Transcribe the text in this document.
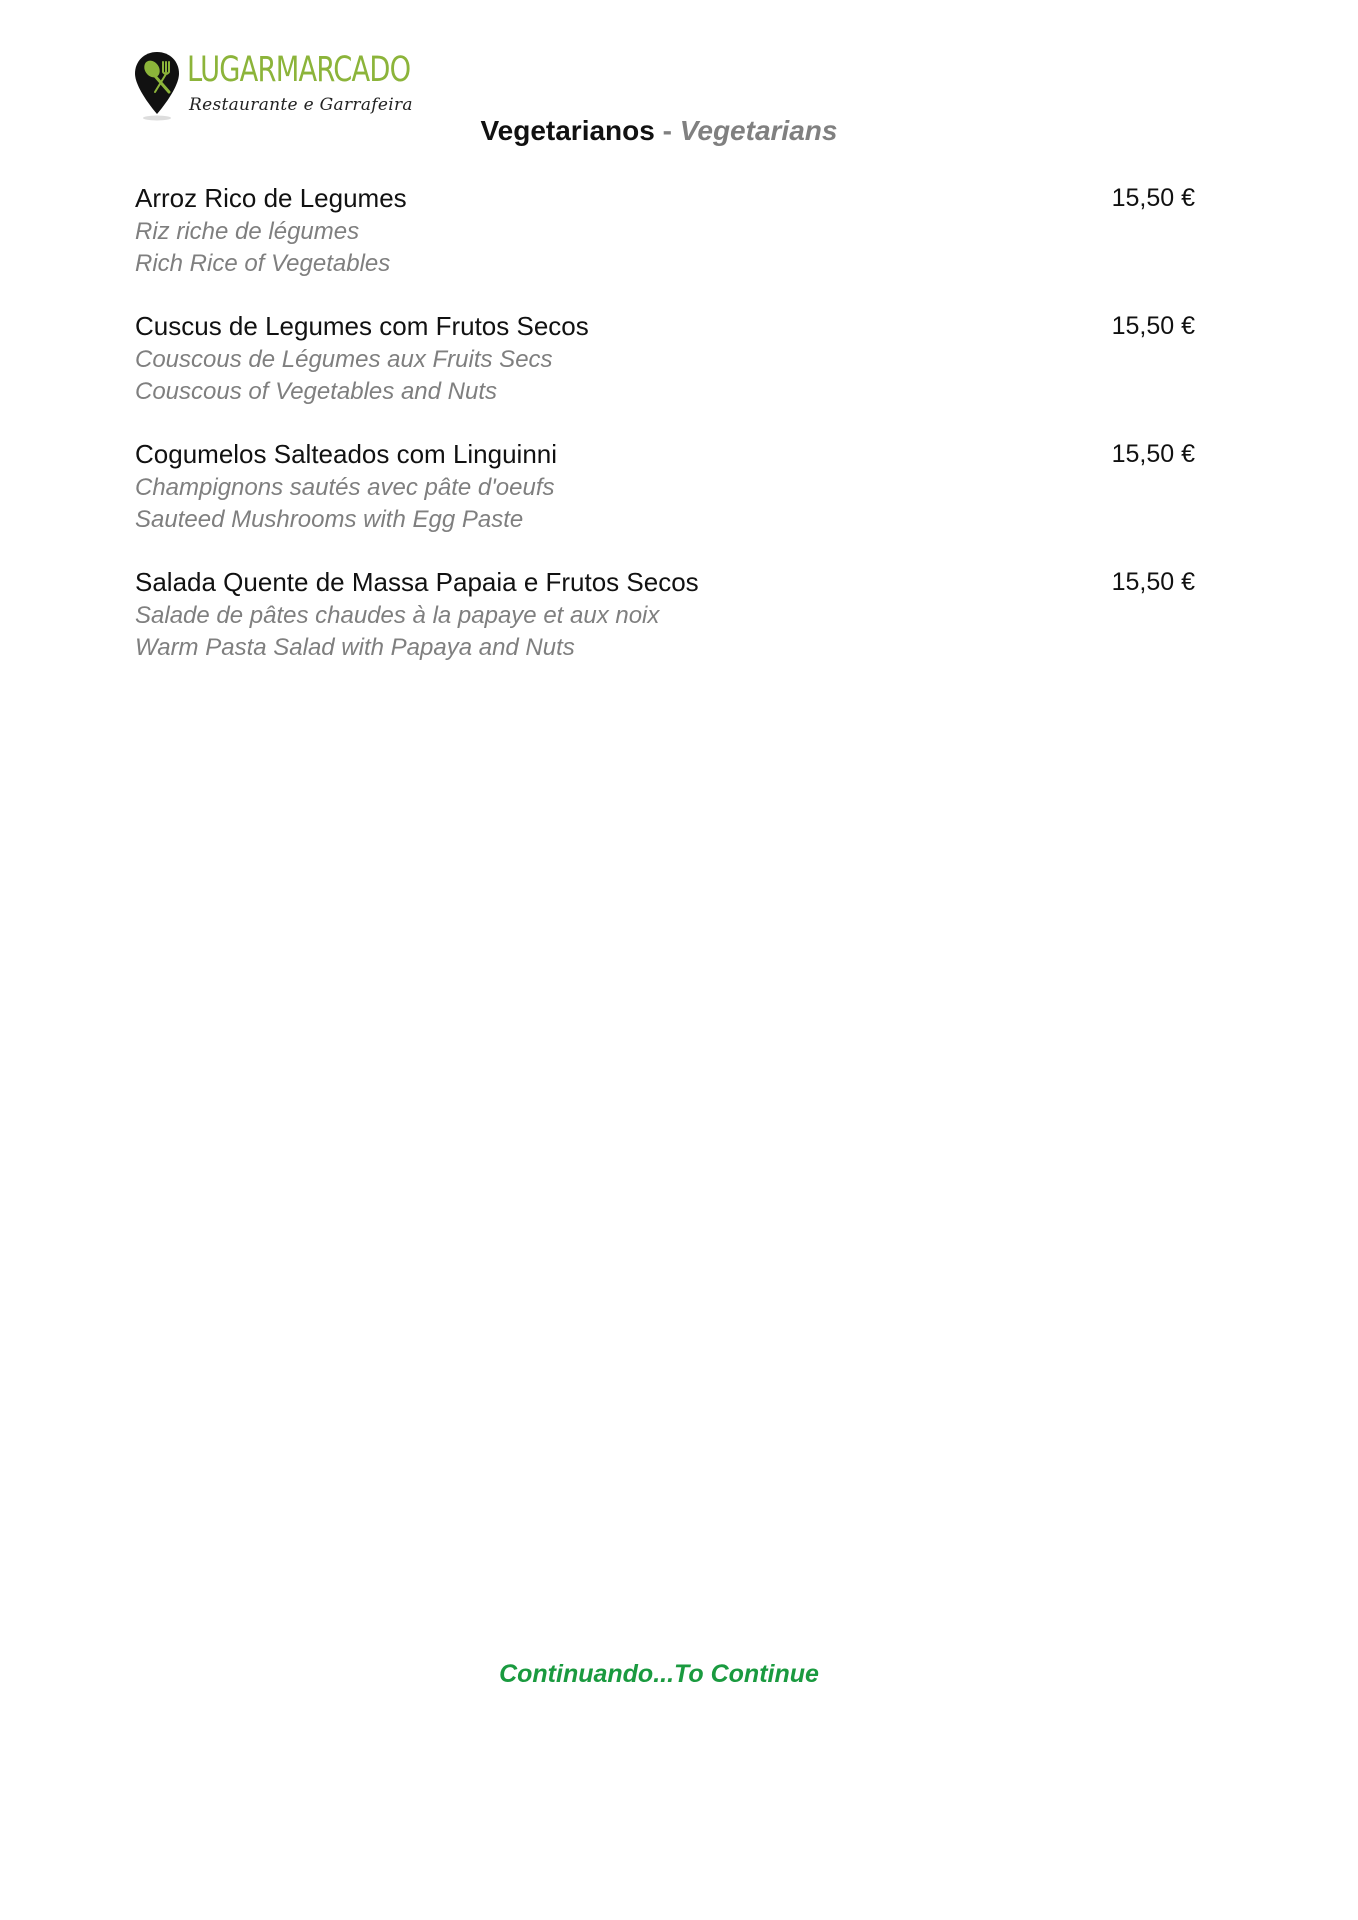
LUGARMARCADO
Restaurante e Garrafeira
Vegetarianos - Vegetarians
Arroz Rico de Legumes	15,50 €
Riz riche de légumes
Rich Rice of Vegetables
Cuscus de Legumes com Frutos Secos	15,50 €
Couscous de Légumes aux Fruits Secs
Couscous of Vegetables and Nuts
Cogumelos Salteados com Linguinni	15,50 €
Champignons sautés avec pâte d'oeufs
Sauteed Mushrooms with Egg Paste
Salada Quente de Massa Papaia e Frutos Secos	15,50 €
Salade de pâtes chaudes à la papaye et aux noix
Warm Pasta Salad with Papaya and Nuts
Continuando...To Continue
